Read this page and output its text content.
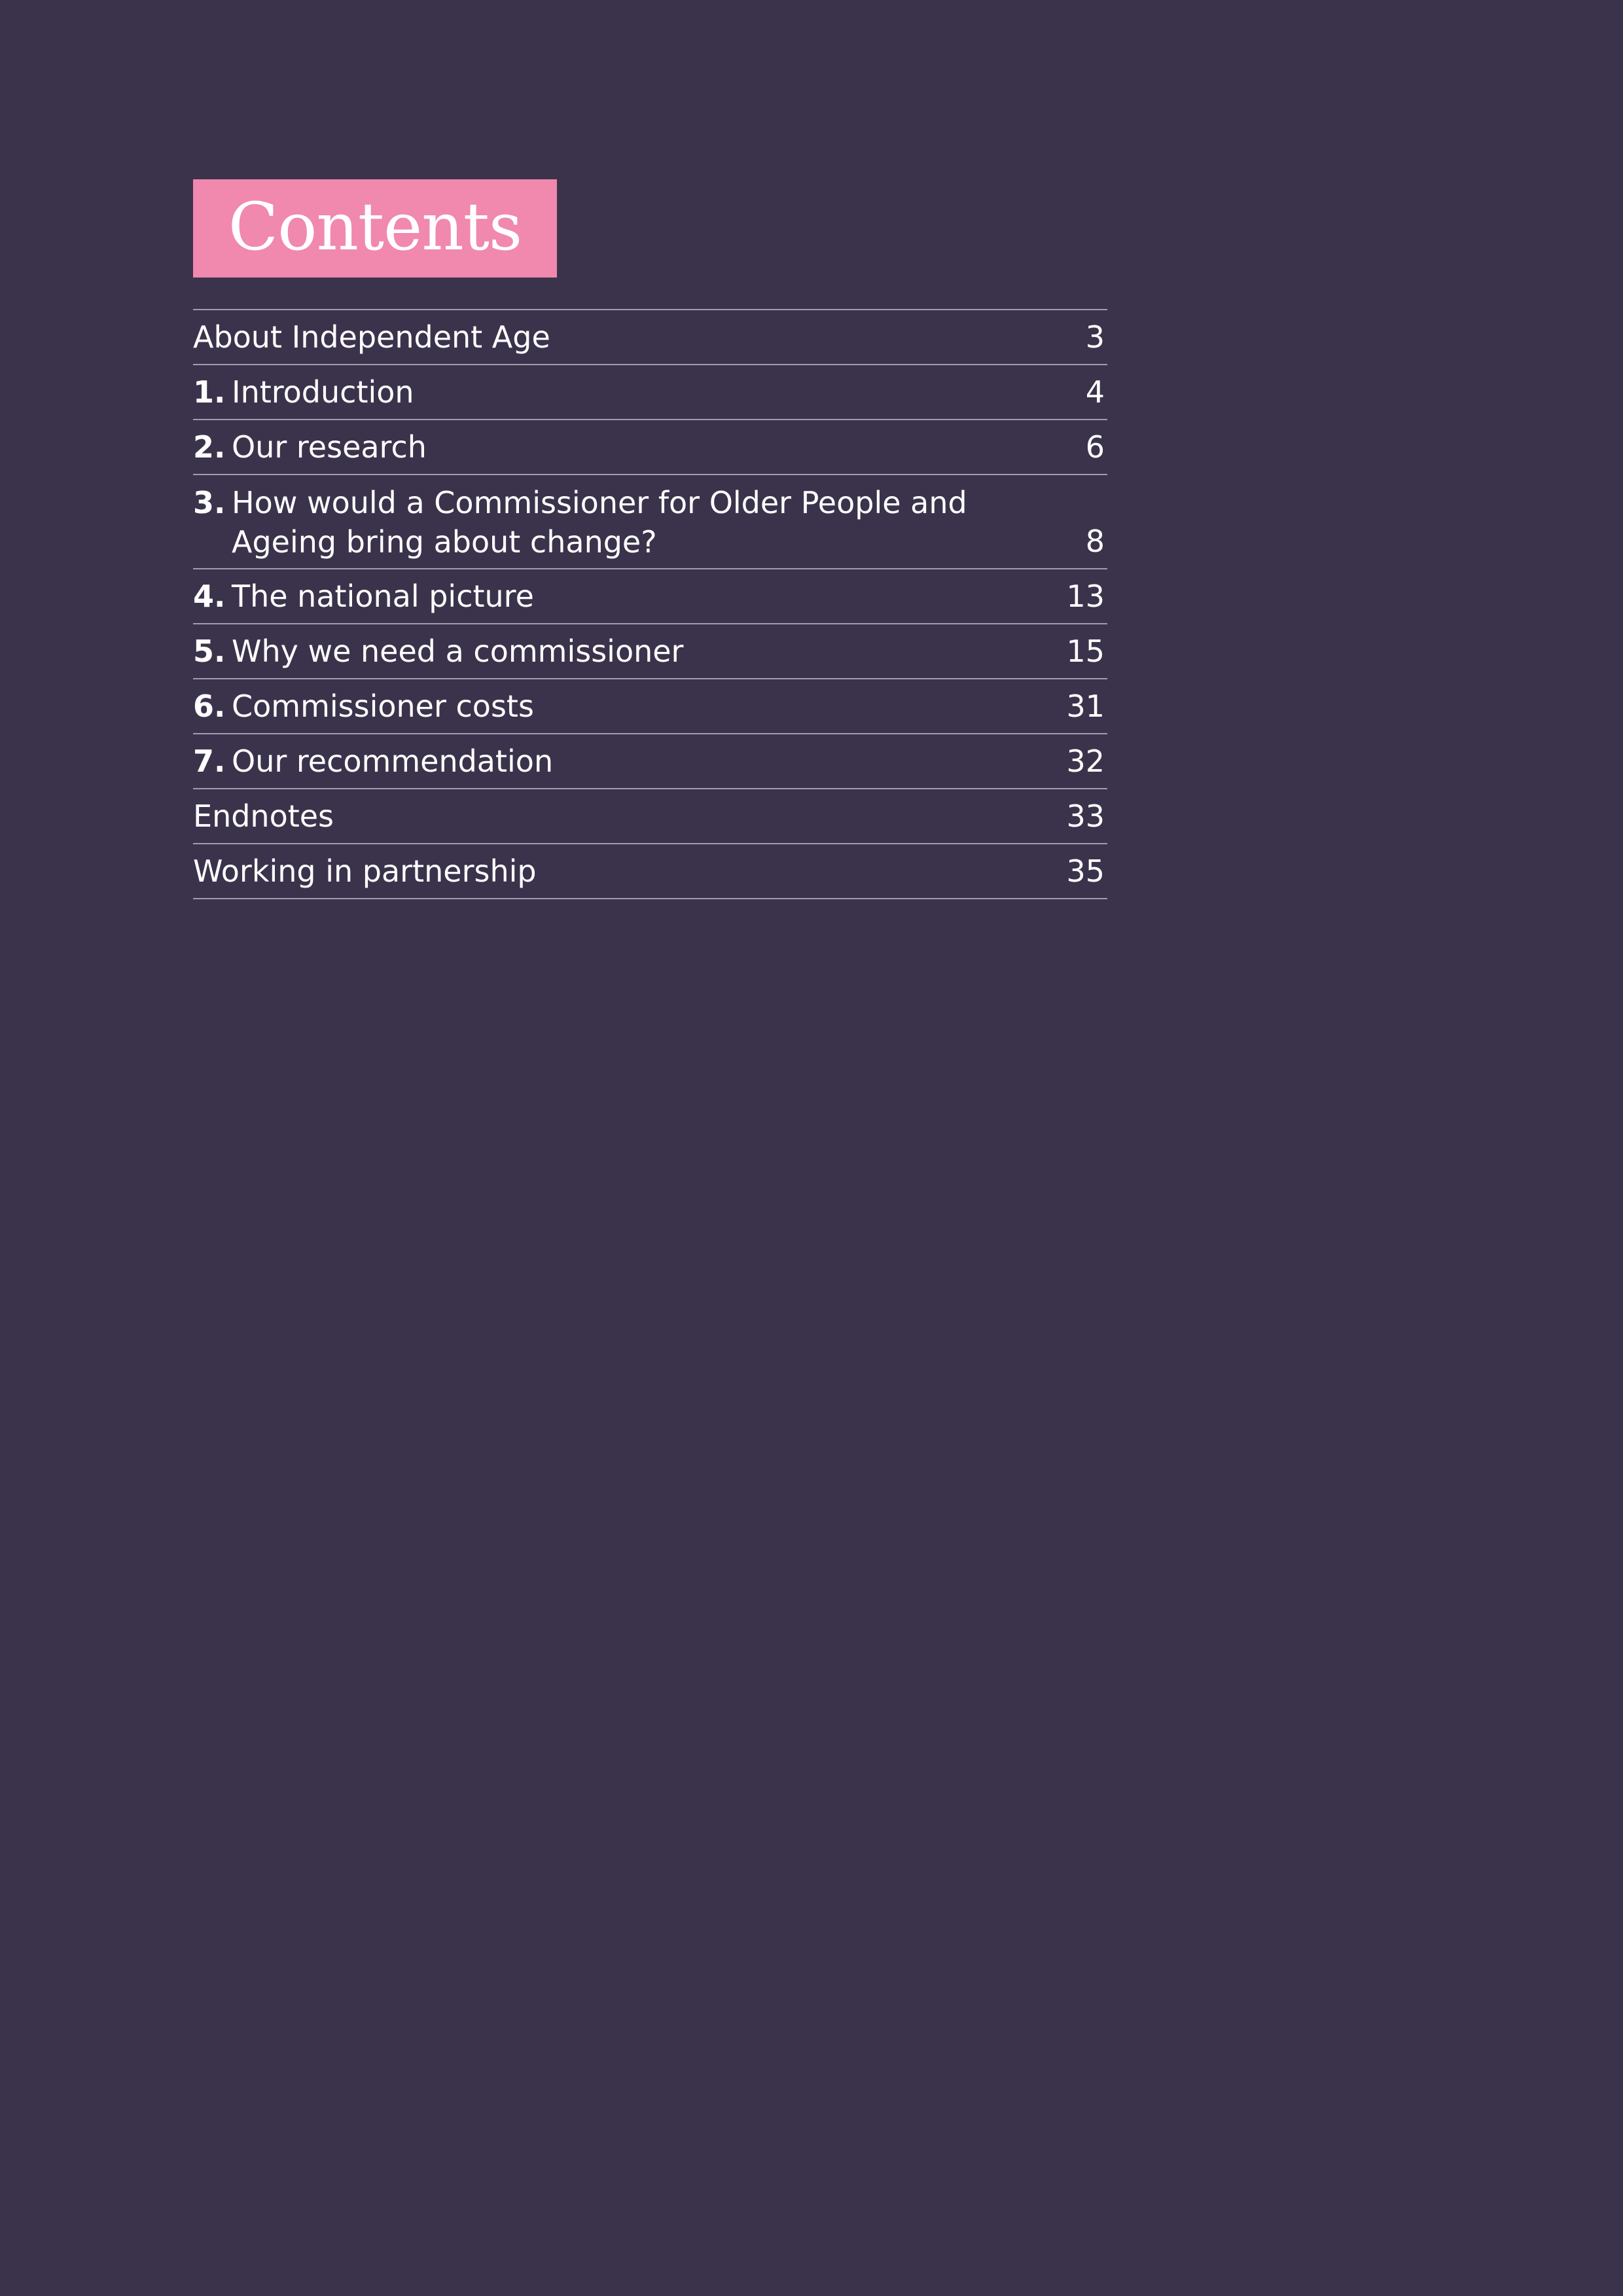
Contents
About Independent Age	3
1. Introduction	4
2. Our research	6
3. How would a Commissioner for Older People and Ageing bring about change?	8
4. The national picture	13
5. Why we need a commissioner	15
6. Commissioner costs	31
7. Our recommendation	32
Endnotes	33
Working in partnership	35
